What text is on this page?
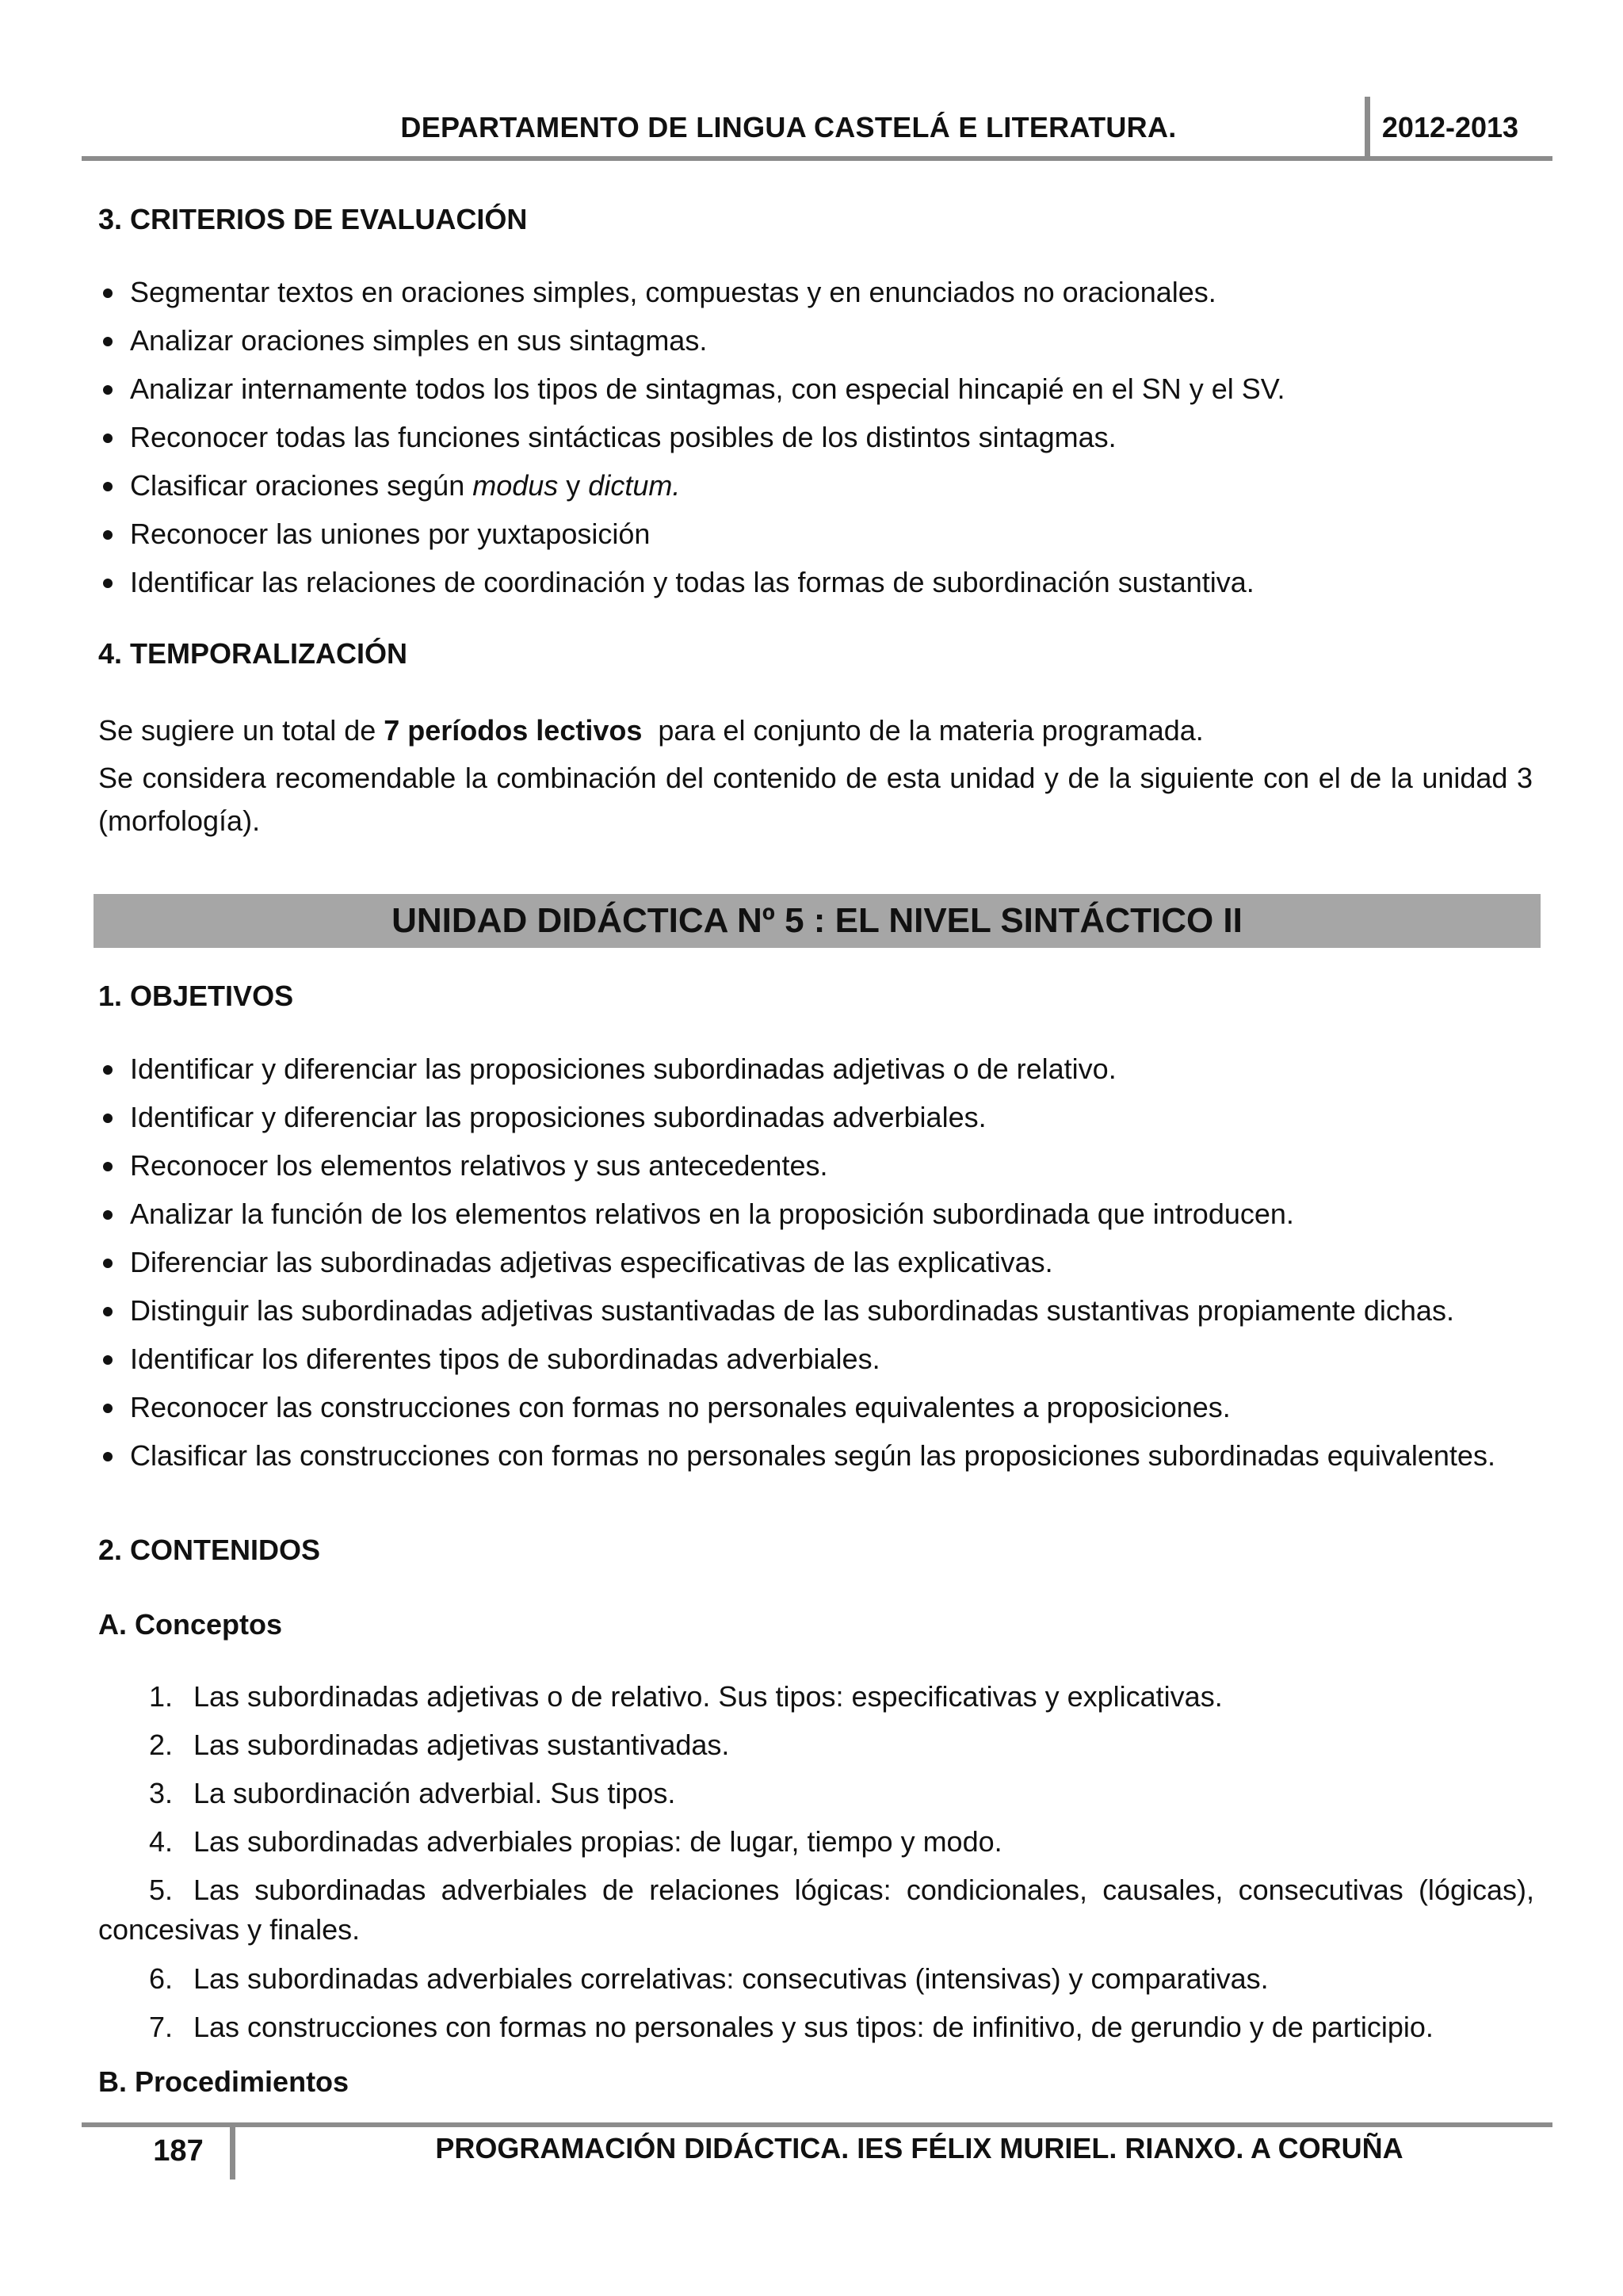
DEPARTAMENTO DE LINGUA CASTELÁ E LITERATURA.	2012-2013
3. CRITERIOS DE EVALUACIÓN
Segmentar textos en oraciones simples, compuestas y en enunciados no oracionales.
Analizar oraciones simples en sus sintagmas.
Analizar internamente todos los tipos de sintagmas, con especial hincapié en el SN y el SV.
Reconocer todas las funciones sintácticas posibles de los distintos sintagmas.
Clasificar oraciones según modus y dictum.
Reconocer las uniones por yuxtaposición
Identificar las relaciones de coordinación y todas las formas de subordinación sustantiva.
4. TEMPORALIZACIÓN
Se sugiere un total de 7 períodos lectivos  para el conjunto de la materia programada.
Se considera recomendable la combinación del contenido de esta unidad y de la siguiente con el de la unidad 3 (morfología).
UNIDAD DIDÁCTICA Nº 5 : EL NIVEL SINTÁCTICO II
1. OBJETIVOS
Identificar y diferenciar las proposiciones subordinadas adjetivas o de relativo.
Identificar y diferenciar las proposiciones subordinadas adverbiales.
Reconocer los elementos relativos y sus antecedentes.
Analizar la función de los elementos relativos en la proposición subordinada que introducen.
Diferenciar las subordinadas adjetivas especificativas de las explicativas.
Distinguir las subordinadas adjetivas sustantivadas de las subordinadas sustantivas propiamente dichas.
Identificar los diferentes tipos de subordinadas adverbiales.
Reconocer las construcciones con formas no personales equivalentes a proposiciones.
Clasificar las construcciones con formas no personales según las proposiciones subordinadas equivalentes.
2. CONTENIDOS
A. Conceptos
1. Las subordinadas adjetivas o de relativo. Sus tipos: especificativas y explicativas.
2. Las subordinadas adjetivas sustantivadas.
3. La subordinación adverbial. Sus tipos.
4. Las subordinadas adverbiales propias: de lugar, tiempo y modo.
5. Las subordinadas adverbiales de relaciones lógicas: condicionales, causales, consecutivas (lógicas), concesivas y finales.
6. Las subordinadas adverbiales correlativas: consecutivas (intensivas) y comparativas.
7. Las construcciones con formas no personales y sus tipos: de infinitivo, de gerundio y de participio.
B. Procedimientos
187	PROGRAMACIÓN DIDÁCTICA. IES FÉLIX MURIEL. RIANXO. A CORUÑA
